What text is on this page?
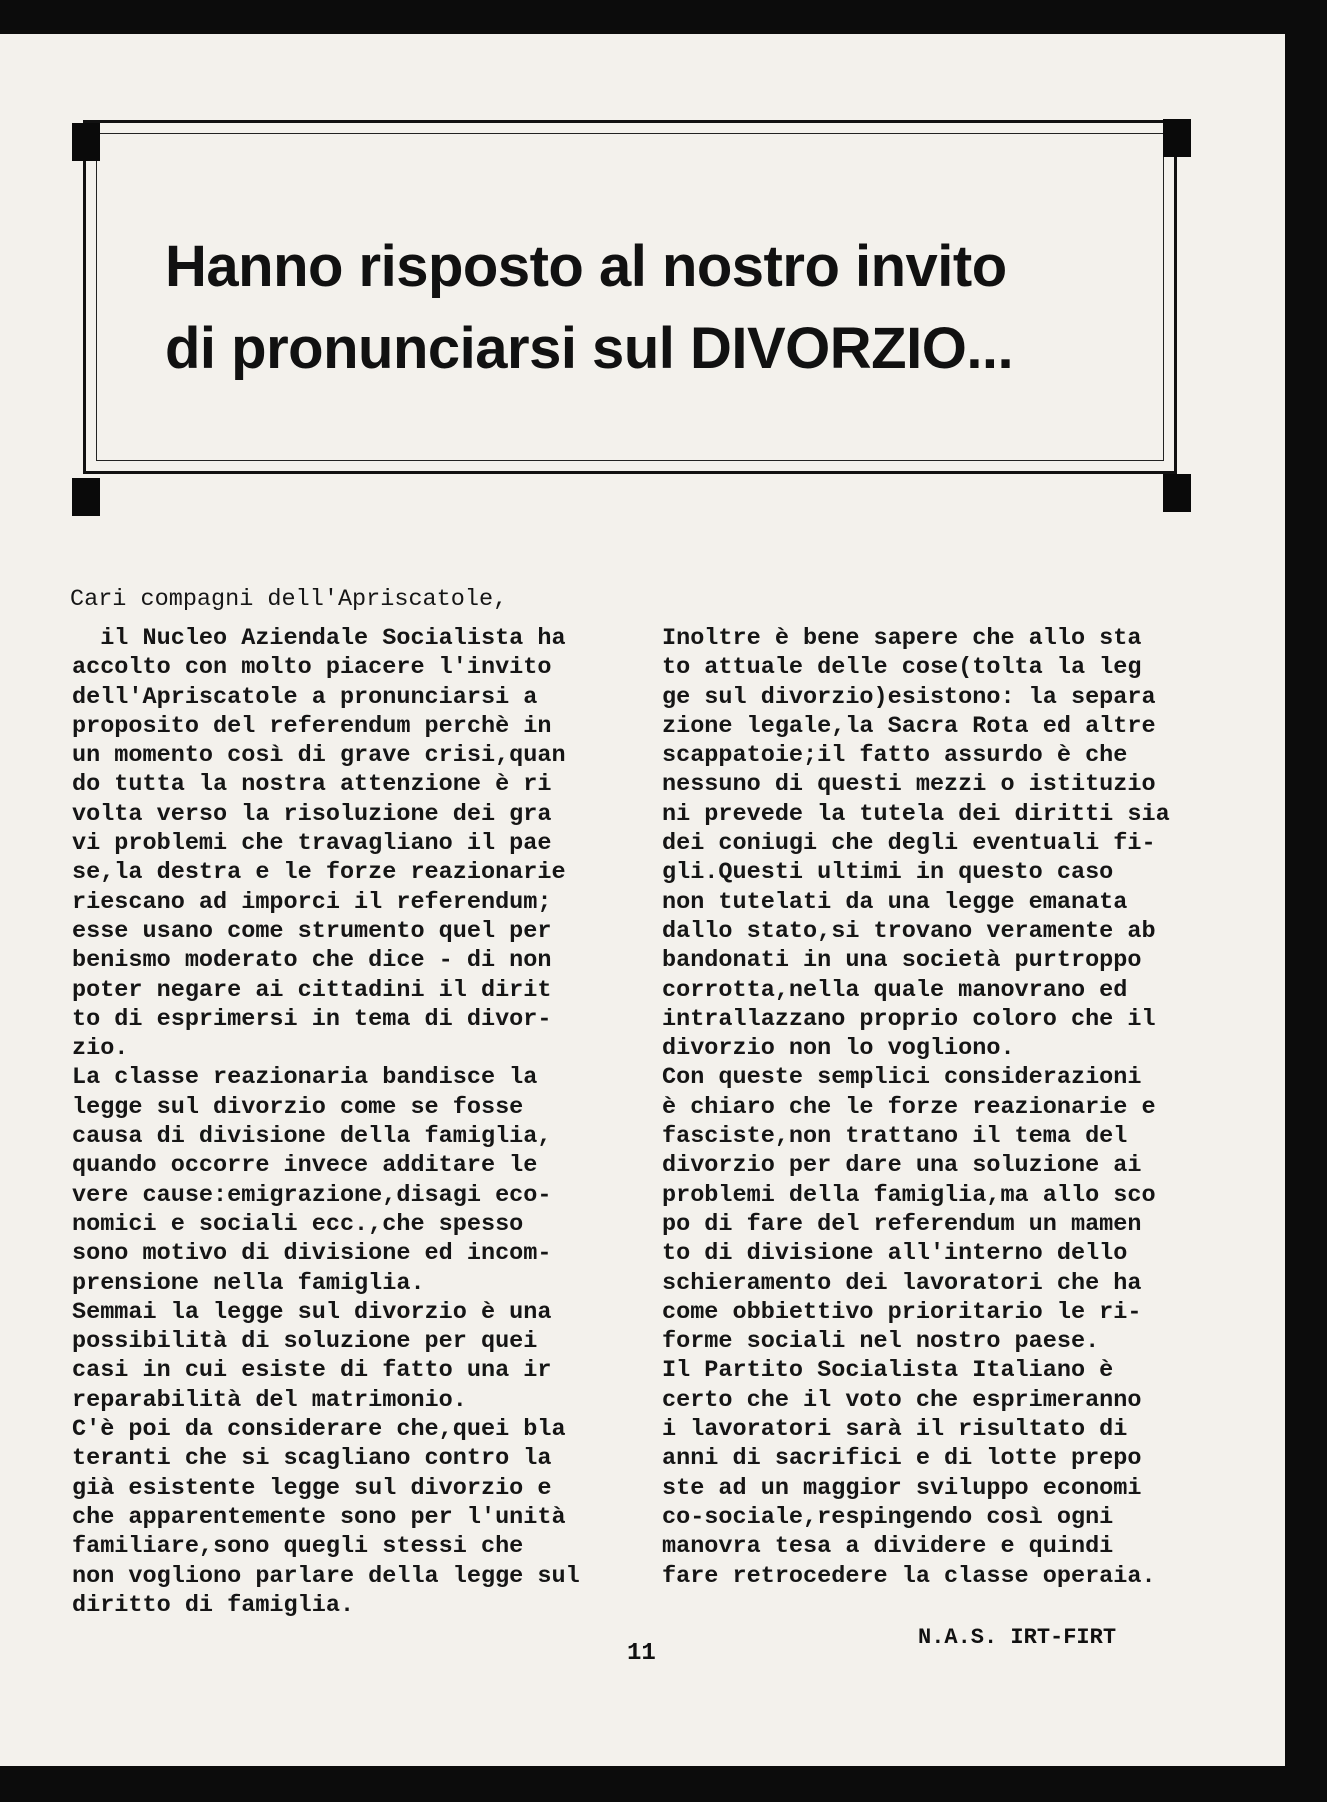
Hanno risposto al nostro invito
di pronunciarsi sul DIVORZIO...

Cari compagni dell'Apriscatole,

il Nucleo Aziendale Socialista ha
accolto con molto piacere l'invito
dell'Apriscatole a pronunciarsi a
proposito del referendum perchè in
un momento così di grave crisi,quan
do tutta la nostra attenzione è ri
volta verso la risoluzione dei gra
vi problemi che travagliano il pae
se,la destra e le forze reazionarie
riescano ad imporci il referendum;
esse usano come strumento quel per
benismo moderato che dice - di non
poter negare ai cittadini il dirit
to di esprimersi in tema di divor-
zio.
La classe reazionaria bandisce la
legge sul divorzio come se fosse
causa di divisione della famiglia,
quando occorre invece additare le
vere cause:emigrazione,disagi eco-
nomici e sociali ecc.,che spesso
sono motivo di divisione ed incom-
prensione nella famiglia.
Semmai la legge sul divorzio è una
possibilità di soluzione per quei
casi in cui esiste di fatto una ir
reparabilità del matrimonio.
C'è poi da considerare che,quei bla
teranti che si scagliano contro la
già esistente legge sul divorzio e
che apparentemente sono per l'unità
familiare,sono quegli stessi che
non vogliono parlare della legge sul
diritto di famiglia.
Inoltre è bene sapere che allo sta
to attuale delle cose(tolta la leg
ge sul divorzio)esistono: la separa
zione legale,la Sacra Rota ed altre
scappatoie;il fatto assurdo è che
nessuno di questi mezzi o istituzio
ni prevede la tutela dei diritti sia
dei coniugi che degli eventuali fi-
gli.Questi ultimi in questo caso
non tutelati da una legge emanata
dallo stato,si trovano veramente ab
bandonati in una società purtroppo
corrotta,nella quale manovrano ed
intrallazzano proprio coloro che il
divorzio non lo vogliono.
Con queste semplici considerazioni
è chiaro che le forze reazionarie e
fasciste,non trattano il tema del
divorzio per dare una soluzione ai
problemi della famiglia,ma allo sco
po di fare del referendum un mamen
to di divisione all'interno dello
schieramento dei lavoratori che ha
come obbiettivo prioritario le ri-
forme sociali nel nostro paese.
Il Partito Socialista Italiano è
certo che il voto che esprimeranno
i lavoratori sarà il risultato di
anni di sacrifici e di lotte prepo
ste ad un maggior sviluppo economi
co-sociale,respingendo così ogni
manovra tesa a dividere e quindi
fare retrocedere la classe operaia.
N.A.S. IRT-FIRT
11
